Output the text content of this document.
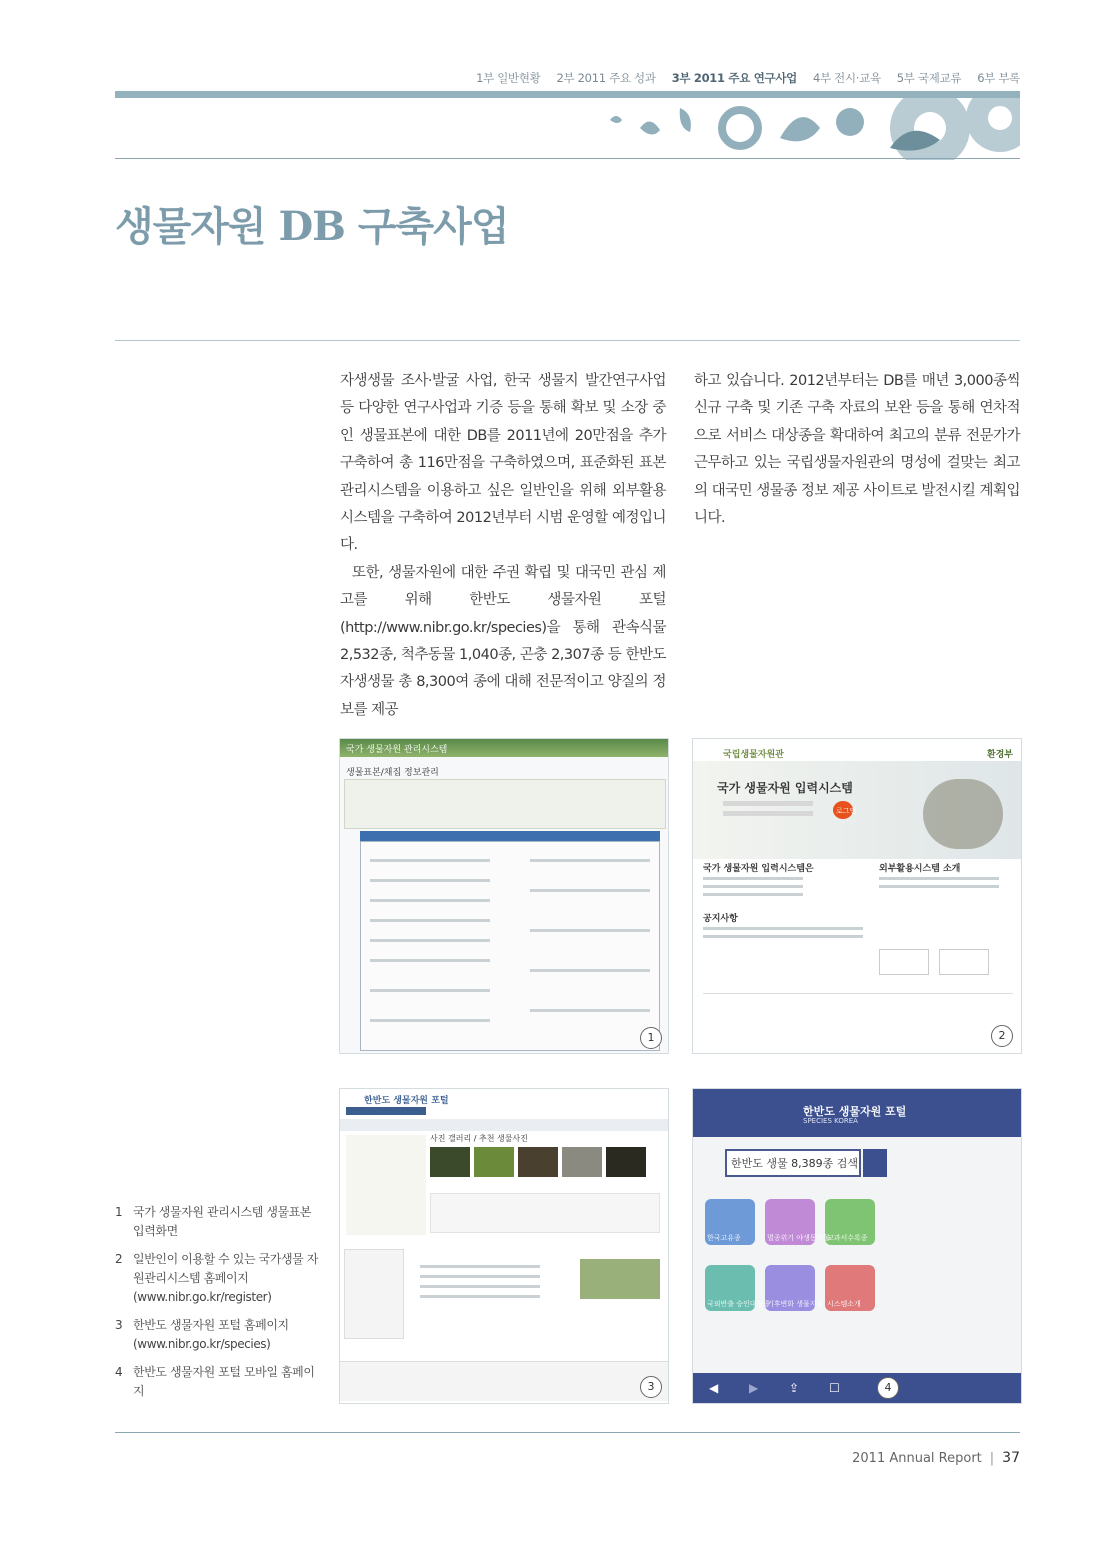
1부 일반현황 2부 2011 주요 성과 3부 2011 주요 연구사업 4부 전시·교육 5부 국제교류 6부 부록
생물자원 DB 구축사업

자생생물 조사·발굴 사업, 한국 생물지 발간연구사업 등 다양한 연구사업과 기증 등을 통해 확보 및 소장 중인 생물표본에 대한 DB를 2011년에 20만점을 추가 구축하여 총 116만점을 구축하였으며, 표준화된 표본 관리시스템을 이용하고 싶은 일반인을 위해 외부활용 시스템을 구축하여 2012년부터 시범 운영할 예정입니다.

또한, 생물자원에 대한 주권 확립 및 대국민 관심 제고를 위해 한반도 생물자원 포털(http://www.nibr.go.kr/species)을 통해 관속식물 2,532종, 척추동물 1,040종, 곤충 2,307종 등 한반도 자생생물 총 8,300여 종에 대해 전문적이고 양질의 정보를 제공

하고 있습니다. 2012년부터는 DB를 매년 3,000종씩 신규 구축 및 기존 구축 자료의 보완 등을 통해 연차적으로 서비스 대상종을 확대하여 최고의 분류 전문가가 근무하고 있는 국립생물자원관의 명성에 걸맞는 최고의 대국민 생물종 정보 제공 사이트로 발전시킬 계획입니다.

국가 생물자원 관리시스템
생물표본/채집 정보관리
1
국립생물자원관	환경부
국가 생물자원 입력시스템
로그인
국가 생물자원 입력시스템은	외부활용시스템 소개
공지사항
2
한반도 생물자원 포털
사진 갤러리 / 추천 생물사진
3
한반도 생물자원 포털
SPECIES KOREA
한반도 생물 8,389종 검색
한국고유종	멸종위기 야생동식물
교과서수록종
국외반출 승인대상종
기후변화 생물지표 시스템소개
◀	▶	⇪ ☐	4
1 국가 생물자원 관리시스템 생물표본 입력화면
2 일반인이 이용할 수 있는 국가생물 자원관리시스템 홈페이지 (www.nibr.go.kr/register)
3 한반도 생물자원 포털 홈페이지 (www.nibr.go.kr/species)
4 한반도 생물자원 포털 모바일 홈페이지
2011 Annual Report | 37
